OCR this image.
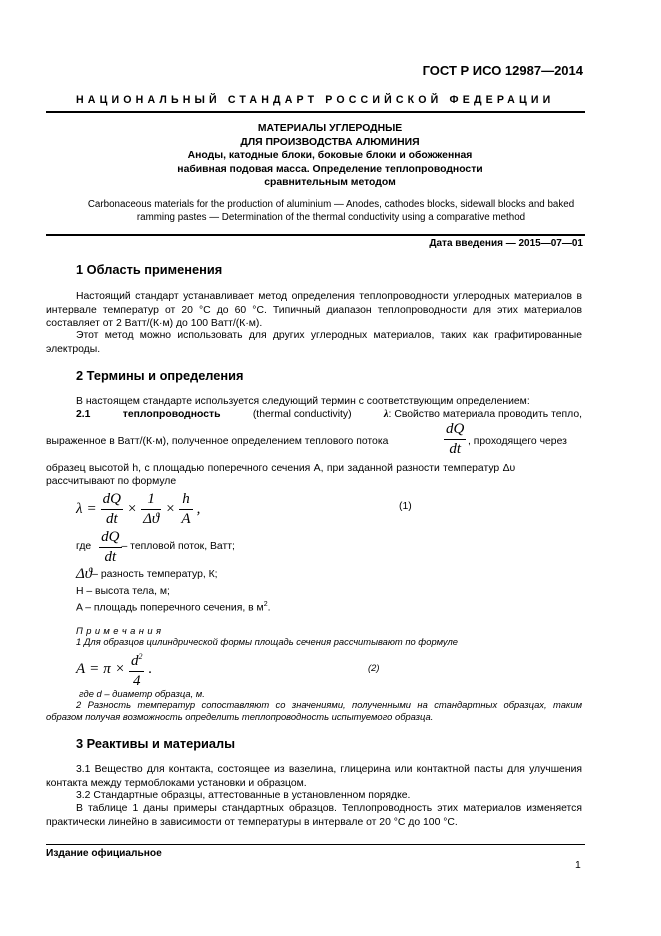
ГОСТ Р ИСО 12987—2014
НАЦИОНАЛЬНЫЙ СТАНДАРТ РОССИЙСКОЙ ФЕДЕРАЦИИ
МАТЕРИАЛЫ УГЛЕРОДНЫЕ
ДЛЯ ПРОИЗВОДСТВА АЛЮМИНИЯ
Аноды, катодные блоки, боковые блоки и обожженная
набивная подовая масса. Определение теплопроводности
сравнительным методом
Carbonaceous materials for the production of aluminium — Anodes, cathodes blocks, sidewall blocks and baked
ramming pastes — Determination of the thermal conductivity using a comparative method
Дата введения — 2015—07—01
1 Область применения

Настоящий стандарт устанавливает метод определения теплопроводности углеродных материалов в интервале температур от 20 °С до 60 °С. Типичный диапазон теплопроводности для этих материалов составляет от 2 Ватт/(К·м) до 100 Ватт/(К·м).

Этот метод можно использовать для других углеродных материалов, таких как графитированные электроды.

2 Термины и определения

В настоящем стандарте используется следующий термин с соответствующим определением:

2.1	теплопроводность	(thermal conductivity)	λ: Свойство материала проводить тепло,
выраженное в Ватт/(К·м), полученное определением теплового потока	$\frac{dQ}{dt}$ , проходящего через

образец высотой h, с площадью поперечного сечения A, при заданной разности температур Δυ

рассчитывают по формуле

$\lambda = \frac{dQ}{dt} \times \frac{1}{\Delta ϑ} \times \frac{h}{A}$ ,	(1)
где $\frac{dQ}{dt}$ – тепловой поток, Ватт;
Δϑ – разность температур, К;

H – высота тела, м;

A – площадь поперечного сечения, в $м^2$.

П р и м е ч а н и я
1 Для образцов цилиндрической формы площадь сечения рассчитывают по формуле
$A = \pi \times \frac{d^2}{4}$ .	(2)
где d – диаметр образца, м.
2 Разность температур сопоставляют со значениями, полученными на стандартных образцах, таким образом получая возможность определить теплопроводность испытуемого образца.
3 Реактивы и материалы

3.1 Вещество для контакта, состоящее из вазелина, глицерина или контактной пасты для улучшения контакта между термоблоками установки и образцом.

3.2 Стандартные образцы, аттестованные в установленном порядке.

В таблице 1 даны примеры стандартных образцов. Теплопроводность этих материалов изменяется практически линейно в зависимости от температуры в интервале от 20 °С до 100 °С.

Издание официальное
1
